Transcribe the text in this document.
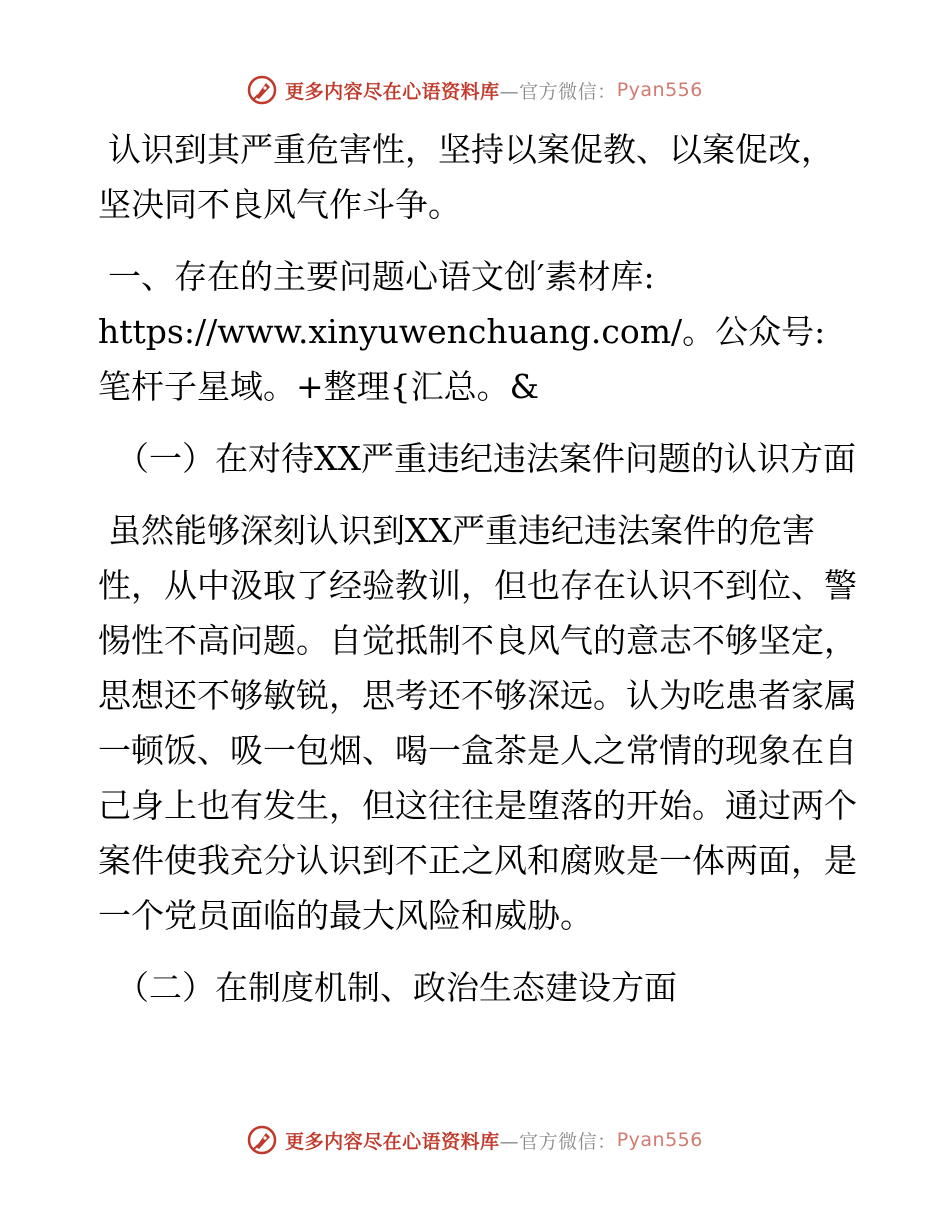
更多内容尽在心语资料库 —官方微信： Pyan556

认识到其严重危害性，坚持以案促教、以案促改，坚决同不良风气作斗争。

一、存在的主要问题心语文创′素材库: https://www.xinyuwenchuang.com/。公众号: 笔杆子星域。+整理{汇总。&

（一）在对待XX严重违纪违法案件问题的认识方面

虽然能够深刻认识到XX严重违纪违法案件的危害性，从中汲取了经验教训，但也存在认识不到位、警惕性不高问题。自觉抵制不良风气的意志不够坚定，思想还不够敏锐，思考还不够深远。认为吃患者家属一顿饭、吸一包烟、喝一盒茶是人之常情的现象在自己身上也有发生，但这往往是堕落的开始。通过两个案件使我充分认识到不正之风和腐败是一体两面，是一个党员面临的最大风险和威胁。

（二）在制度机制、政治生态建设方面

更多内容尽在心语资料库 —官方微信： Pyan556
